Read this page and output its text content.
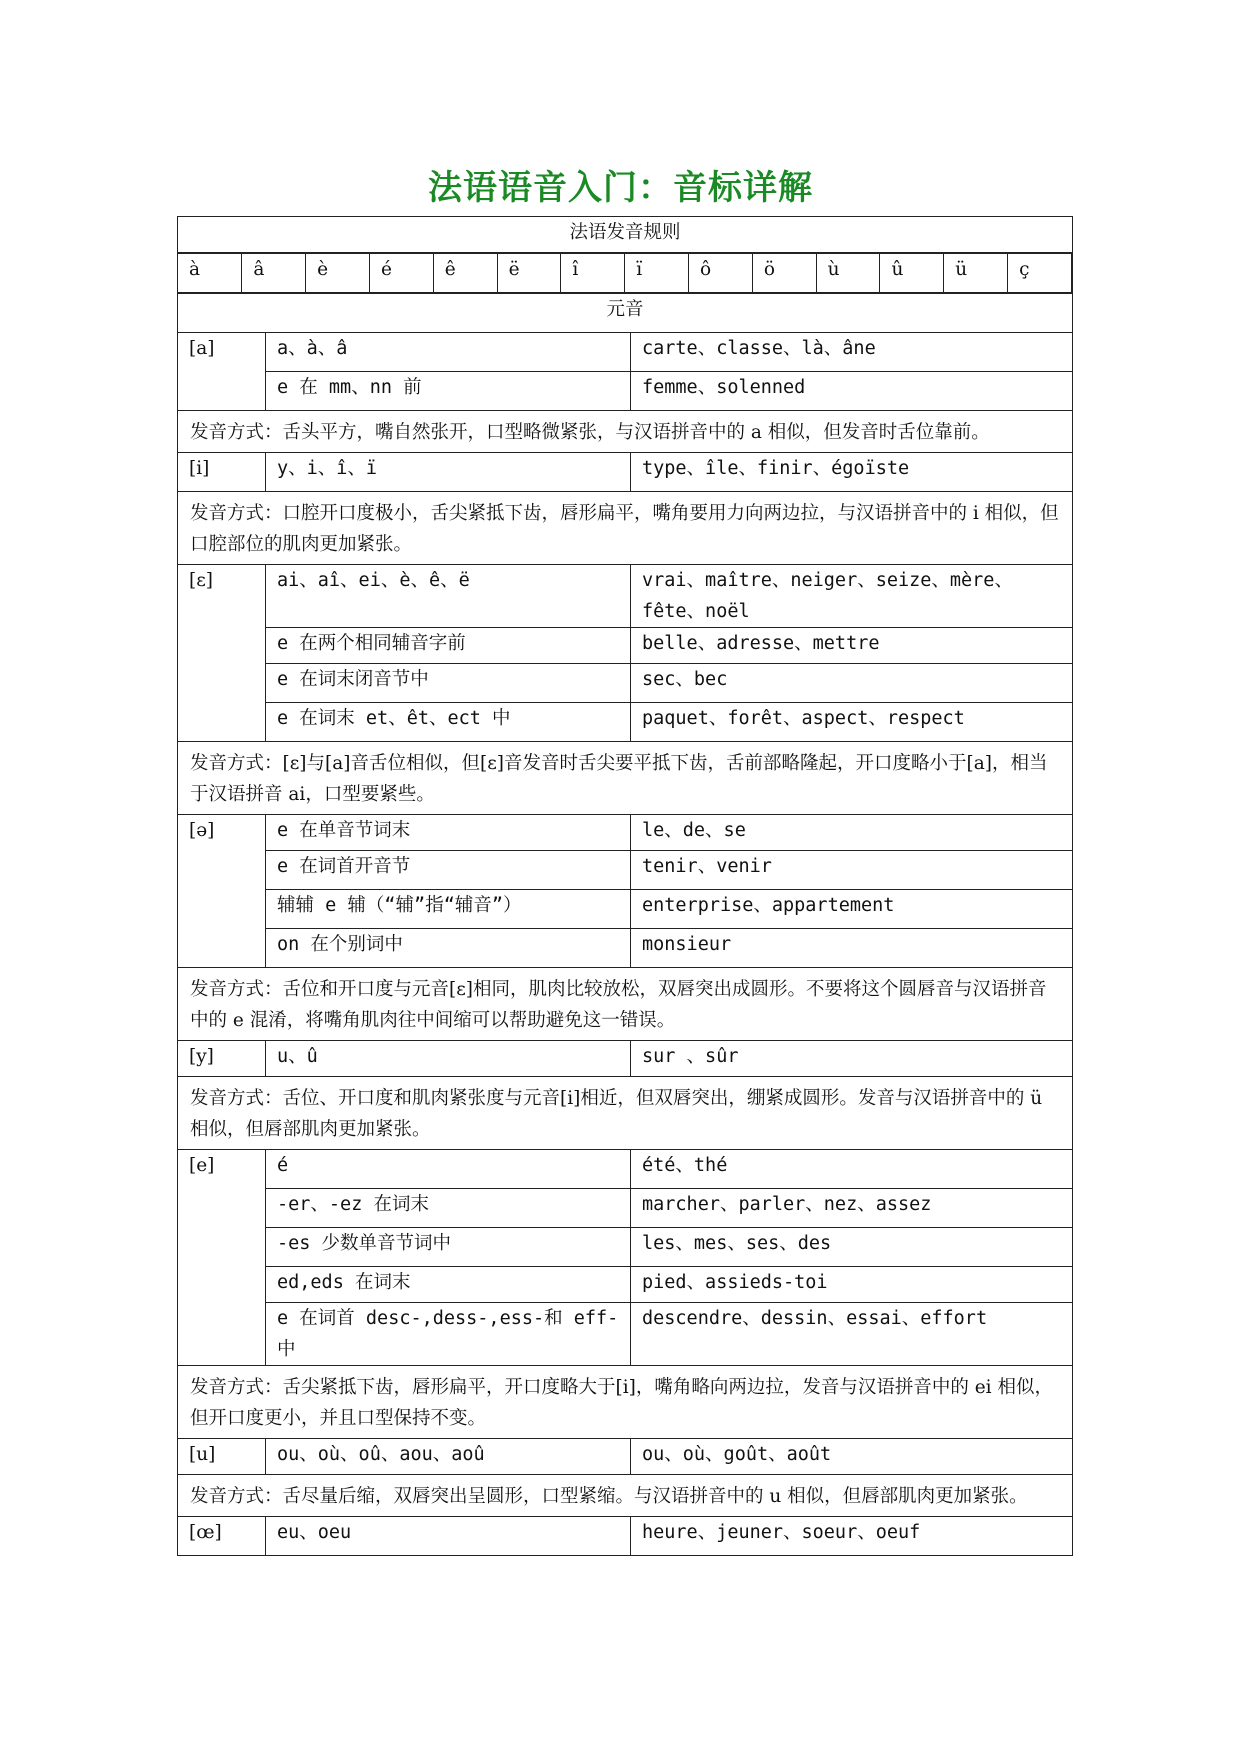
法语语音入门：音标详解
法语发音规则

à	â	è	é	ê	ë	î	ï	ô	ö	ù	û	ü	ç

元音
[a]	a、à、â	carte、classe、là、âne
e 在 mm、nn 前	femme、solenned
发音方式：舌头平方，嘴自然张开，口型略微紧张，与汉语拼音中的 a 相似，但发音时舌位靠前。
[i]	y、i、î、ï	type、île、finir、égoïste
发音方式：口腔开口度极小，舌尖紧抵下齿，唇形扁平，嘴角要用力向两边拉，与汉语拼音中的 i 相似，但口腔部位的肌肉更加紧张。
[ɛ]	ai、aî、ei、è、ê、ë	vrai、maître、neiger、seize、mère、fête、noël
e 在两个相同辅音字前	belle、adresse、mettre
e 在词末闭音节中	sec、bec
e 在词末 et、êt、ect 中	paquet、forêt、aspect、respect
发音方式：[ɛ]与[a]音舌位相似，但[ɛ]音发音时舌尖要平抵下齿，舌前部略隆起，开口度略小于[a]，相当于汉语拼音 ai，口型要紧些。
[ə]	e 在单音节词末	le、de、se
e 在词首开音节	tenir、venir
辅辅 e 辅（“辅”指“辅音”）	enterprise、appartement
on 在个别词中	monsieur
发音方式：舌位和开口度与元音[ɛ]相同，肌肉比较放松，双唇突出成圆形。不要将这个圆唇音与汉语拼音中的 e 混淆，将嘴角肌肉往中间缩可以帮助避免这一错误。
[y]	u、û	sur 、sûr
发音方式：舌位、开口度和肌肉紧张度与元音[i]相近，但双唇突出，绷紧成圆形。发音与汉语拼音中的 ü 相似，但唇部肌肉更加紧张。
[e]	é	été、thé
-er、-ez 在词末	marcher、parler、nez、assez
-es 少数单音节词中	les、mes、ses、des
ed,eds 在词末	pied、assieds-toi
e 在词首 desc-,dess-,ess-和 eff-中	descendre、dessin、essai、effort
发音方式：舌尖紧抵下齿，唇形扁平，开口度略大于[i]，嘴角略向两边拉，发音与汉语拼音中的 ei 相似，但开口度更小，并且口型保持不变。
[u]	ou、où、oû、aou、aoû	ou、où、goût、août
发音方式：舌尽量后缩，双唇突出呈圆形，口型紧缩。与汉语拼音中的 u 相似，但唇部肌肉更加紧张。
[œ]	eu、oeu	heure、jeuner、soeur、oeuf
